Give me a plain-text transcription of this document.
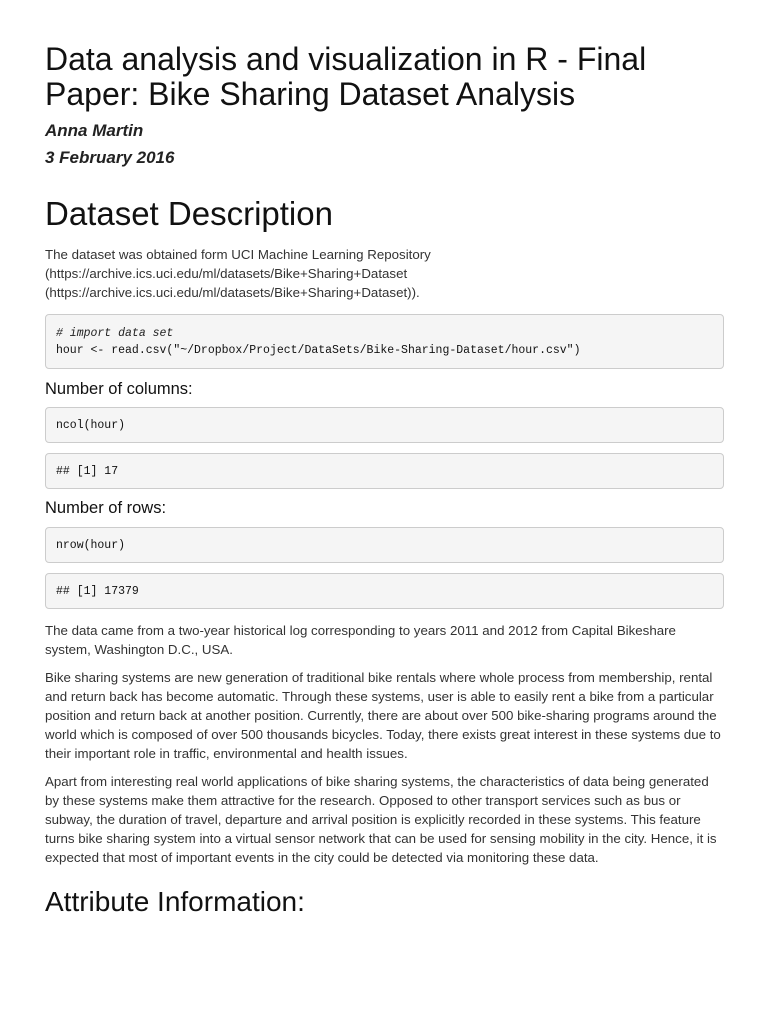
Data analysis and visualization in R - Final Paper: Bike Sharing Dataset Analysis

Anna Martin

3 February 2016

Dataset Description

The dataset was obtained form UCI Machine Learning Repository
(https://archive.ics.uci.edu/ml/datasets/Bike+Sharing+Dataset
(https://archive.ics.uci.edu/ml/datasets/Bike+Sharing+Dataset)).

# import data set
hour <- read.csv("~/Dropbox/Project/DataSets/Bike-Sharing-Dataset/hour.csv")
Number of columns:
ncol(hour)
## [1] 17
Number of rows:
nrow(hour)
## [1] 17379

The data came from a two-year historical log corresponding to years 2011 and 2012 from Capital Bikeshare system, Washington D.C., USA.

Bike sharing systems are new generation of traditional bike rentals where whole process from membership, rental and return back has become automatic. Through these systems, user is able to easily rent a bike from a particular position and return back at another position. Currently, there are about over 500 bike-sharing programs around the world which is composed of over 500 thousands bicycles. Today, there exists great interest in these systems due to their important role in traffic, environmental and health issues.

Apart from interesting real world applications of bike sharing systems, the characteristics of data being generated by these systems make them attractive for the research. Opposed to other transport services such as bus or subway, the duration of travel, departure and arrival position is explicitly recorded in these systems. This feature turns bike sharing system into a virtual sensor network that can be used for sensing mobility in the city. Hence, it is expected that most of important events in the city could be detected via monitoring these data.

Attribute Information:
